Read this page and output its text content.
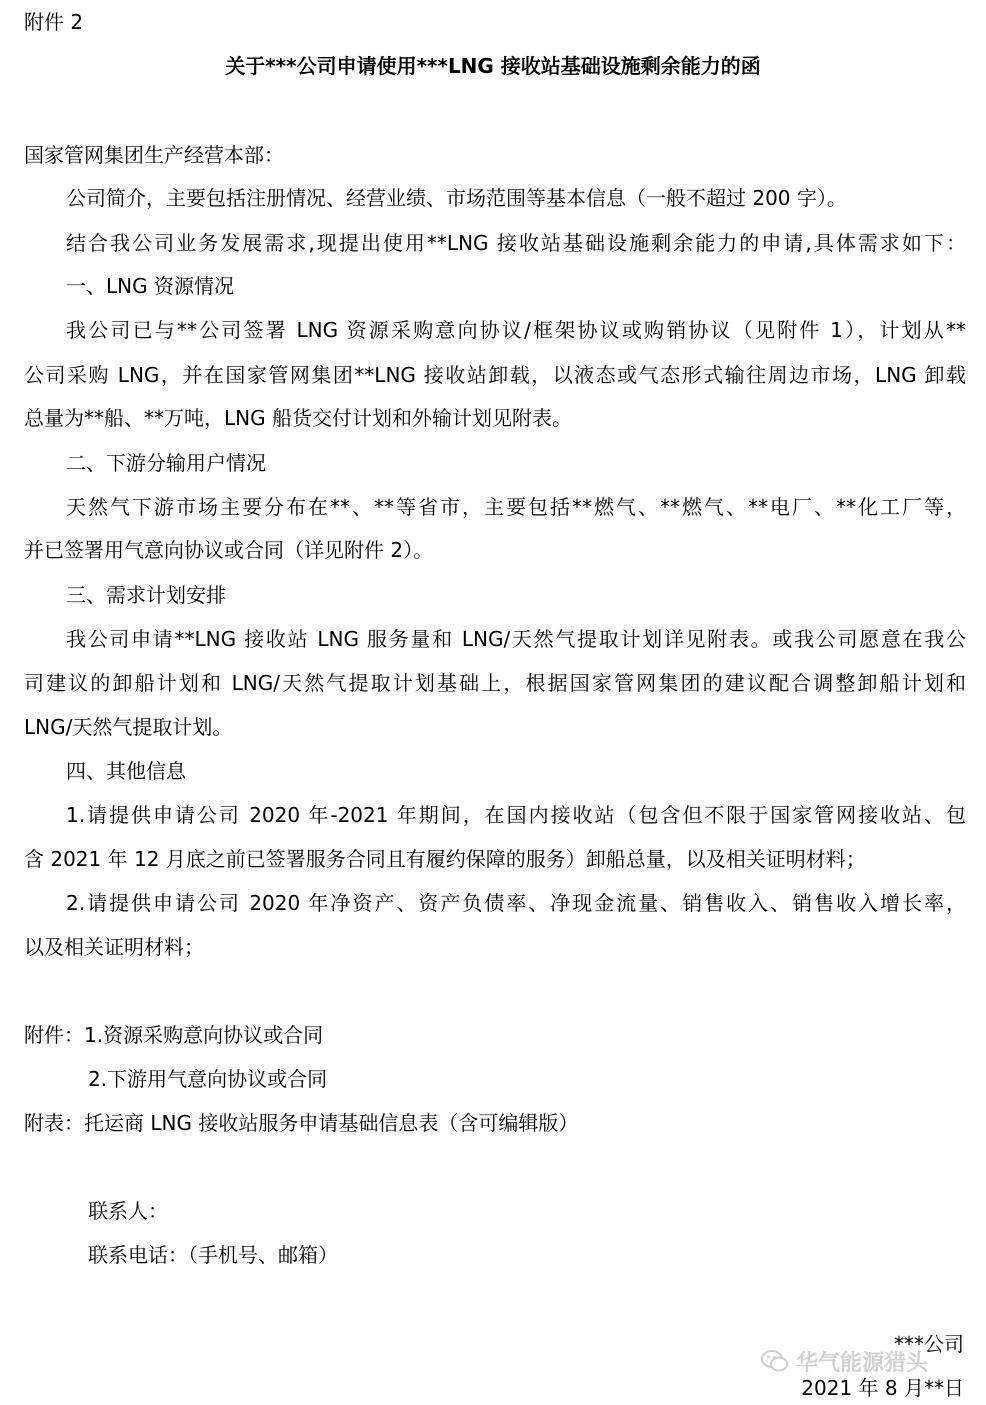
附件 2
关于***公司申请使用***LNG 接收站基础设施剩余能力的函
国家管网集团生产经营本部：
公司简介，主要包括注册情况、经营业绩、市场范围等基本信息（一般不超过 200 字）。
结合我公司业务发展需求,现提出使用**LNG 接收站基础设施剩余能力的申请,具体需求如下：
一、LNG 资源情况
我公司已与**公司签署 LNG 资源采购意向协议/框架协议或购销协议（见附件 1），计划从**
公司采购 LNG，并在国家管网集团**LNG 接收站卸载，以液态或气态形式输往周边市场，LNG 卸载
总量为**船、**万吨，LNG 船货交付计划和外输计划见附表。
二、下游分输用户情况
天然气下游市场主要分布在**、**等省市，主要包括**燃气、**燃气、**电厂、**化工厂等，
并已签署用气意向协议或合同（详见附件 2）。
三、需求计划安排
我公司申请**LNG 接收站 LNG 服务量和 LNG/天然气提取计划详见附表。或我公司愿意在我公
司建议的卸船计划和 LNG/天然气提取计划基础上，根据国家管网集团的建议配合调整卸船计划和
LNG/天然气提取计划。
四、其他信息
1.请提供申请公司 2020 年-2021 年期间，在国内接收站（包含但不限于国家管网接收站、包
含 2021 年 12 月底之前已签署服务合同且有履约保障的服务）卸船总量，以及相关证明材料；
2.请提供申请公司 2020 年净资产、资产负债率、净现金流量、销售收入、销售收入增长率，
以及相关证明材料；
附件：1.资源采购意向协议或合同
2.下游用气意向协议或合同
附表：托运商 LNG 接收站服务申请基础信息表（含可编辑版）
联系人：
联系电话：（手机号、邮箱）
***公司
华气能源猎头
2021 年 8 月**日
